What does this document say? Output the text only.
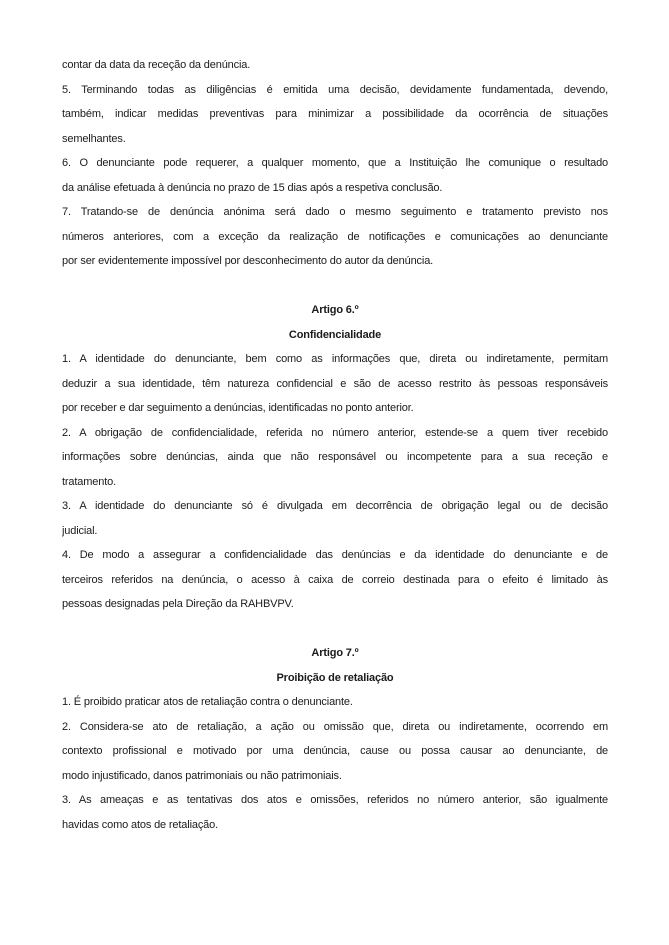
contar da data da receção da denúncia.
5. Terminando todas as diligências é emitida uma decisão, devidamente fundamentada, devendo,
também, indicar medidas preventivas para minimizar a possibilidade da ocorrência de situações
semelhantes.
6. O denunciante pode requerer, a qualquer momento, que a Instituição lhe comunique o resultado
da análise efetuada à denúncia no prazo de 15 dias após a respetiva conclusão.
7. Tratando-se de denúncia anónima será dado o mesmo seguimento e tratamento previsto nos
números anteriores, com a exceção da realização de notificações e comunicações ao denunciante
por ser evidentemente impossível por desconhecimento do autor da denúncia.
Artigo 6.º
Confidencialidade
1. A identidade do denunciante, bem como as informações que, direta ou indiretamente, permitam
deduzir a sua identidade, têm natureza confidencial e são de acesso restrito às pessoas responsáveis
por receber e dar seguimento a denúncias, identificadas no ponto anterior.
2. A obrigação de confidencialidade, referida no número anterior, estende-se a quem tiver recebido
informações sobre denúncias, ainda que não responsável ou incompetente para a sua receção e
tratamento.
3. A identidade do denunciante só é divulgada em decorrência de obrigação legal ou de decisão
judicial.
4. De modo a assegurar a confidencialidade das denúncias e da identidade do denunciante e de
terceiros referidos na denúncia, o acesso à caixa de correio destinada para o efeito é limitado às
pessoas designadas pela Direção da RAHBVPV.
Artigo 7.º
Proibição de retaliação
1. É proibido praticar atos de retaliação contra o denunciante.
2. Considera-se ato de retaliação, a ação ou omissão que, direta ou indiretamente, ocorrendo em
contexto profissional e motivado por uma denúncia, cause ou possa causar ao denunciante, de
modo injustificado, danos patrimoniais ou não patrimoniais.
3. As ameaças e as tentativas dos atos e omissões, referidos no número anterior, são igualmente
havidas como atos de retaliação.
